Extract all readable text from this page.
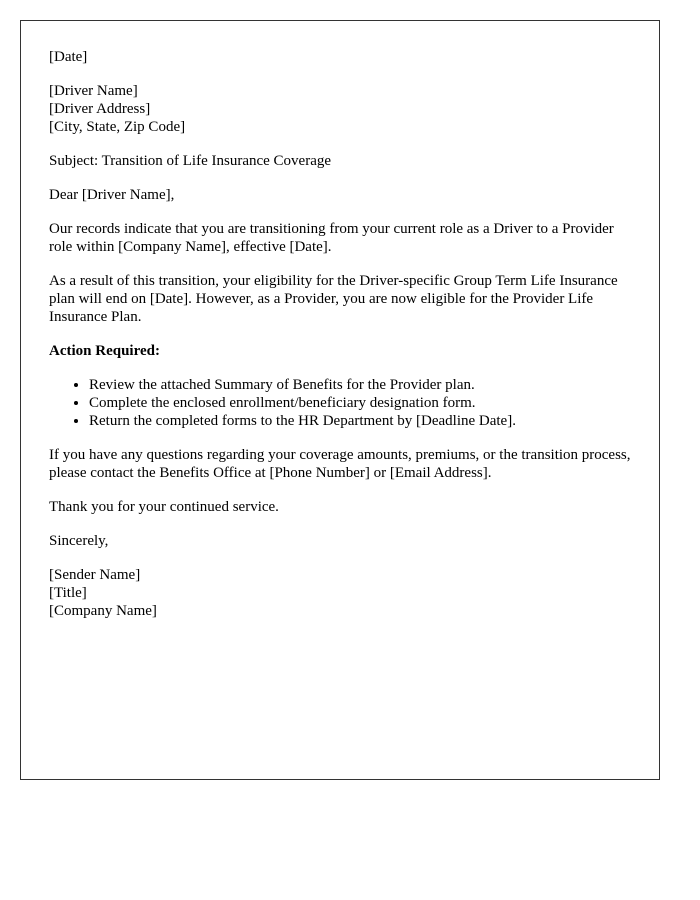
[Date]

[Driver Name]
[Driver Address]
[City, State, Zip Code]

Subject: Transition of Life Insurance Coverage

Dear [Driver Name],

Our records indicate that you are transitioning from your current role as a Driver to a Provider role within [Company Name], effective [Date].

As a result of this transition, your eligibility for the Driver-specific Group Term Life Insurance plan will end on [Date]. However, as a Provider, you are now eligible for the Provider Life Insurance Plan.

Action Required:

• Review the attached Summary of Benefits for the Provider plan.
• Complete the enclosed enrollment/beneficiary designation form.
• Return the completed forms to the HR Department by [Deadline Date].

If you have any questions regarding your coverage amounts, premiums, or the transition process, please contact the Benefits Office at [Phone Number] or [Email Address].

Thank you for your continued service.

Sincerely,

[Sender Name]
[Title]
[Company Name]
